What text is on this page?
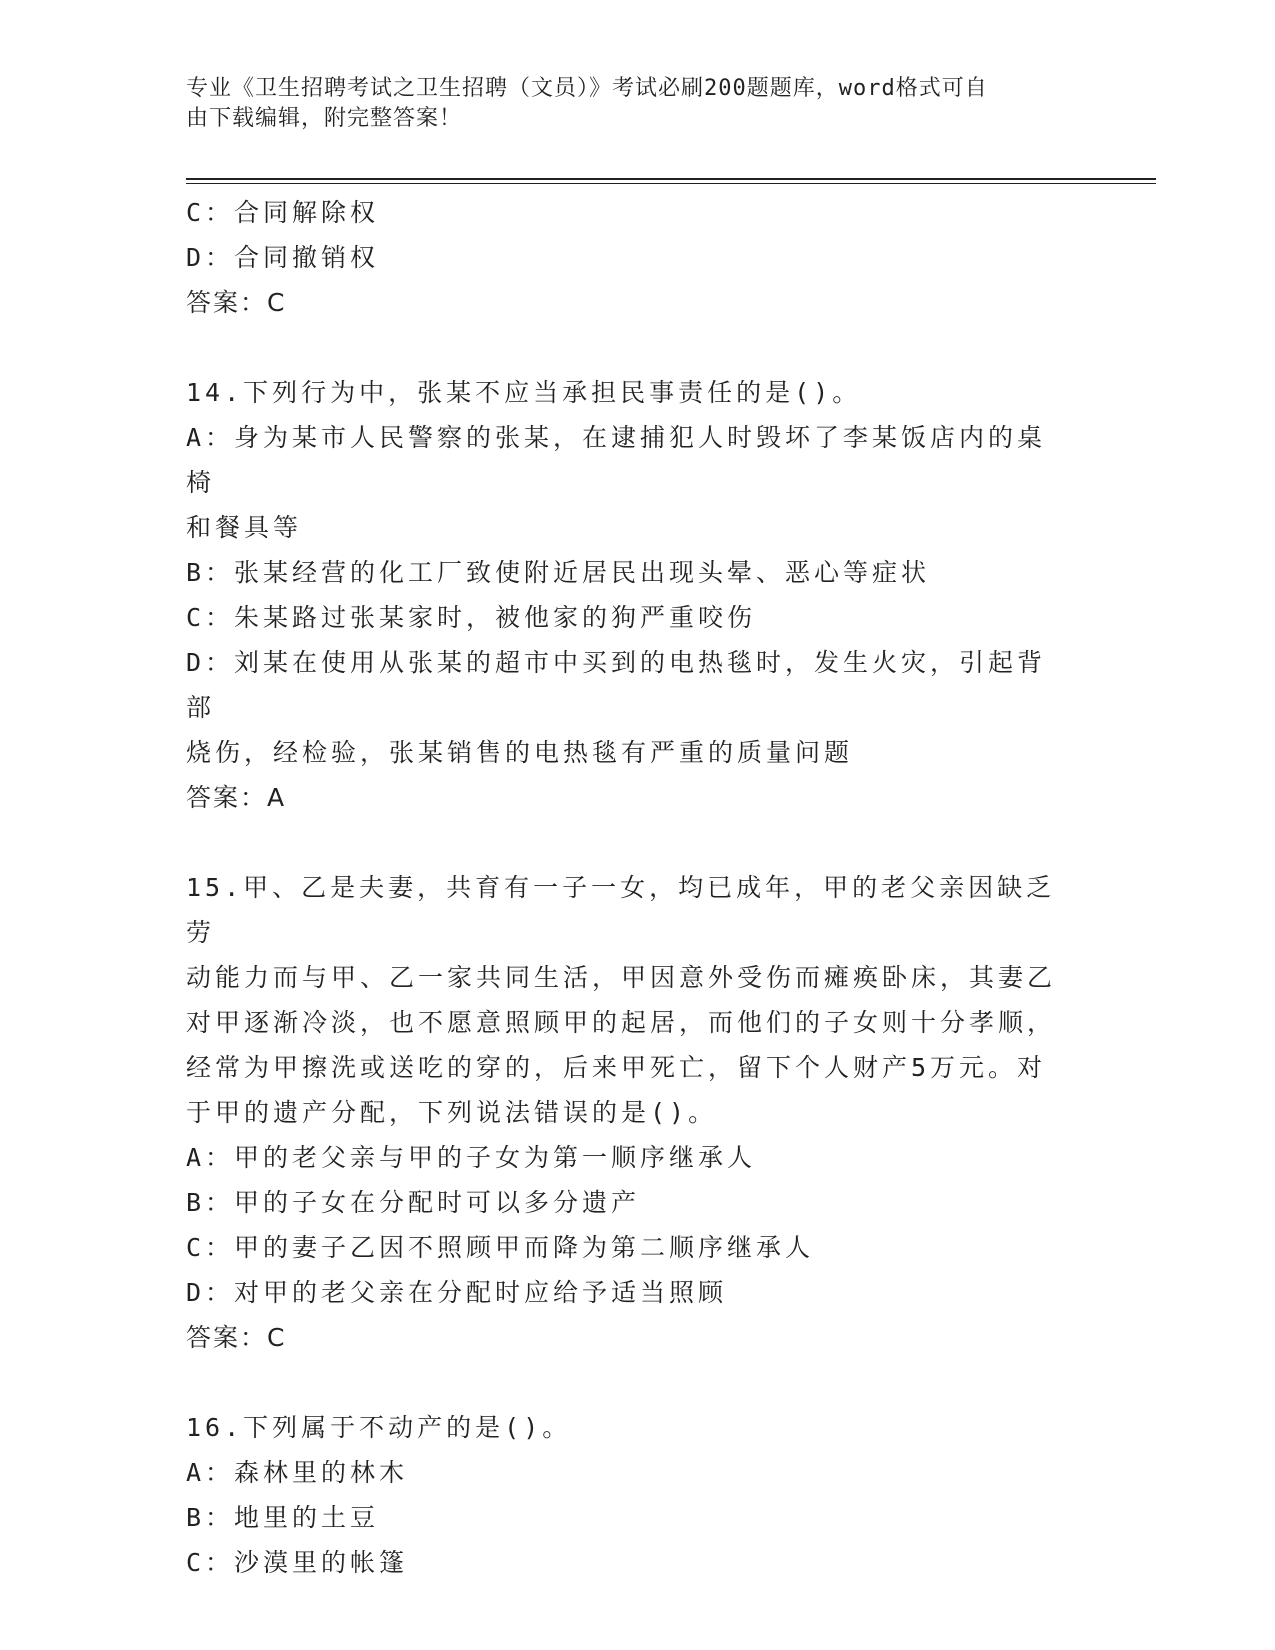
专业《卫生招聘考试之卫生招聘（文员）》考试必刷200题题库，word格式可自
由下载编辑，附完整答案！
C：合同解除权
D：合同撤销权
答案：C
14.下列行为中，张某不应当承担民事责任的是()。
A：身为某市人民警察的张某，在逮捕犯人时毁坏了李某饭店内的桌椅
和餐具等
B：张某经营的化工厂致使附近居民出现头晕、恶心等症状
C：朱某路过张某家时，被他家的狗严重咬伤
D：刘某在使用从张某的超市中买到的电热毯时，发生火灾，引起背部
烧伤，经检验，张某销售的电热毯有严重的质量问题
答案：A
15.甲、乙是夫妻，共育有一子一女，均已成年，甲的老父亲因缺乏劳
动能力而与甲、乙一家共同生活，甲因意外受伤而瘫痪卧床，其妻乙
对甲逐渐冷淡，也不愿意照顾甲的起居，而他们的子女则十分孝顺，
经常为甲擦洗或送吃的穿的，后来甲死亡，留下个人财产5万元。对
于甲的遗产分配，下列说法错误的是()。
A：甲的老父亲与甲的子女为第一顺序继承人
B：甲的子女在分配时可以多分遗产
C：甲的妻子乙因不照顾甲而降为第二顺序继承人
D：对甲的老父亲在分配时应给予适当照顾
答案：C
16.下列属于不动产的是()。
A：森林里的林木
B：地里的土豆
C：沙漠里的帐篷
